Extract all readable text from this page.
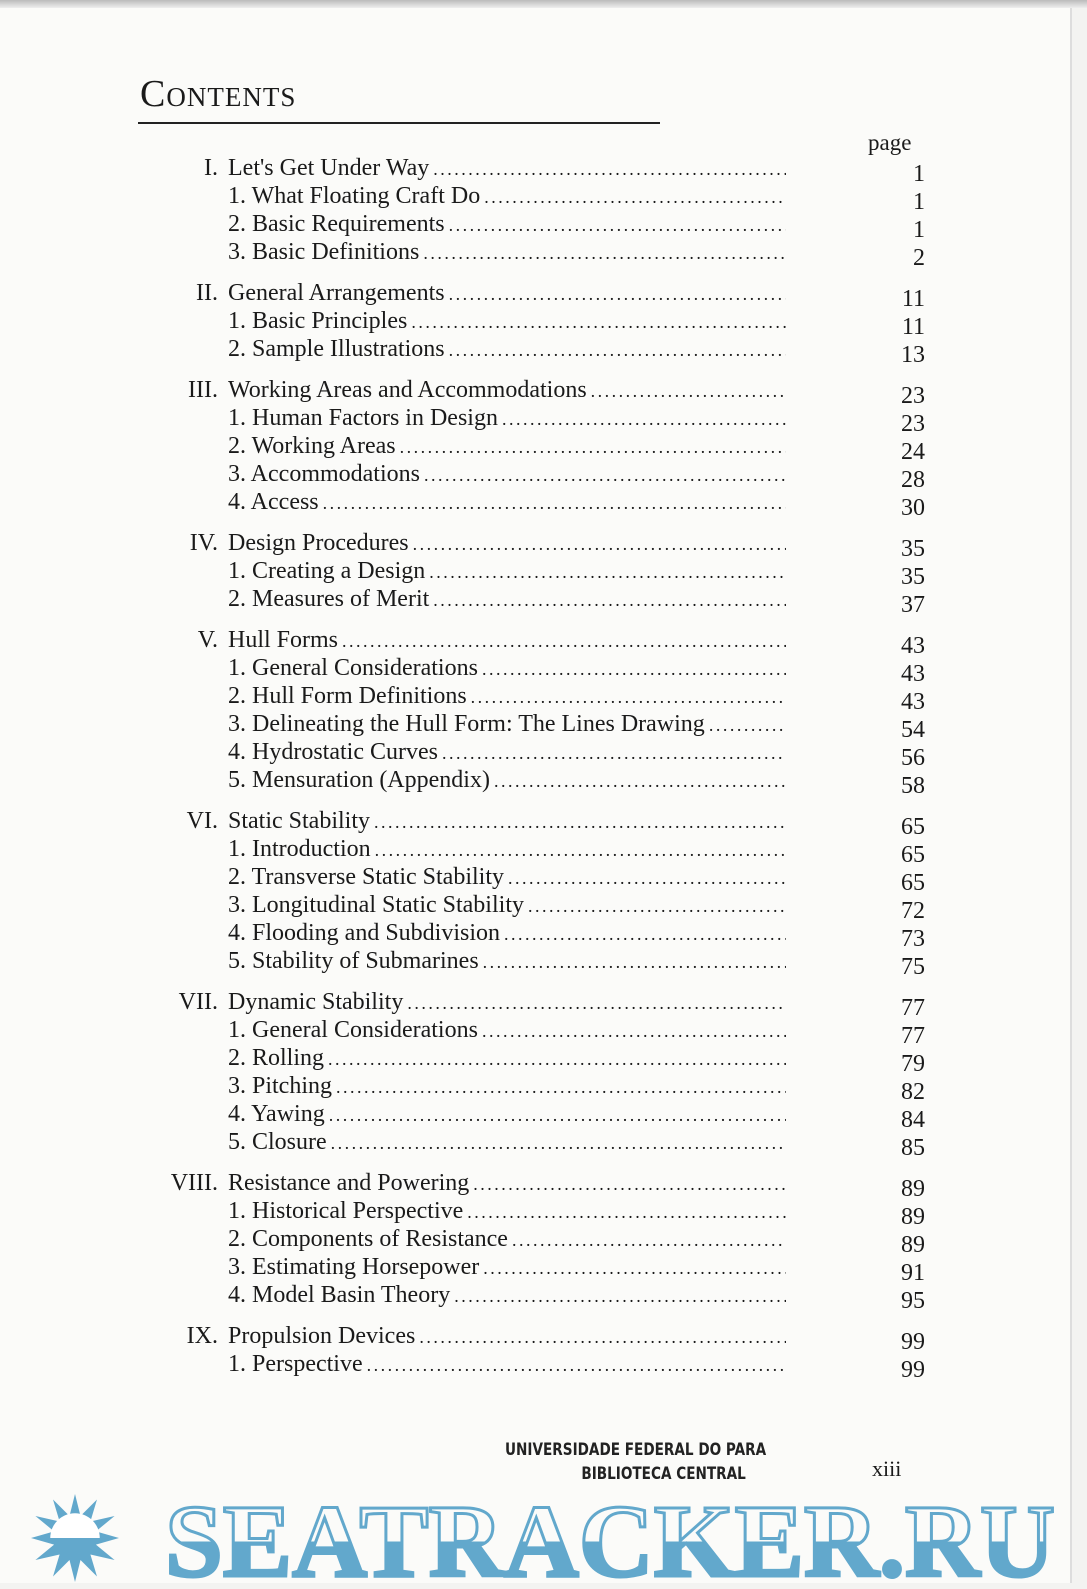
Contents
page
I. Let's Get Under Way . . .	1
1. What Floating Craft Do . . .	1
2. Basic Requirements . . .	1
3. Basic Definitions . . .	2
II. General Arrangements . . .	11
1. Basic Principles . . .	11
2. Sample Illustrations . . .	13
III. Working Areas and Accommodations . . .	23
1. Human Factors in Design . . .	23
2. Working Areas . . .	24
3. Accommodations . . .	28
4. Access . . .	30
IV. Design Procedures . . .	35
1. Creating a Design . . .	35
2. Measures of Merit . . .	37
V. Hull Forms . . .	43
1. General Considerations . . .	43
2. Hull Form Definitions . . .	43
3. Delineating the Hull Form: The Lines Drawing . . .	54
4. Hydrostatic Curves . . .	56
5. Mensuration (Appendix) . . .	58
VI. Static Stability . . .	65
1. Introduction . . .	65
2. Transverse Static Stability . . .	65
3. Longitudinal Static Stability . . .	72
4. Flooding and Subdivision . . .	73
5. Stability of Submarines . . .	75
VII. Dynamic Stability . . .	77
1. General Considerations . . .	77
2. Rolling . . .	79
3. Pitching . . .	82
4. Yawing . . .	84
5. Closure . . .	85
VIII. Resistance and Powering . . .	89
1. Historical Perspective . . .	89
2. Components of Resistance . . .	89
3. Estimating Horsepower . . .	91
4. Model Basin Theory . . .	95
IX. Propulsion Devices . . .	99
1. Perspective . . .	99
UNIVERSIDADE FEDERAL DO PARA
BIBLIOTECA CENTRAL	xiii
SEATRACKER.RU
